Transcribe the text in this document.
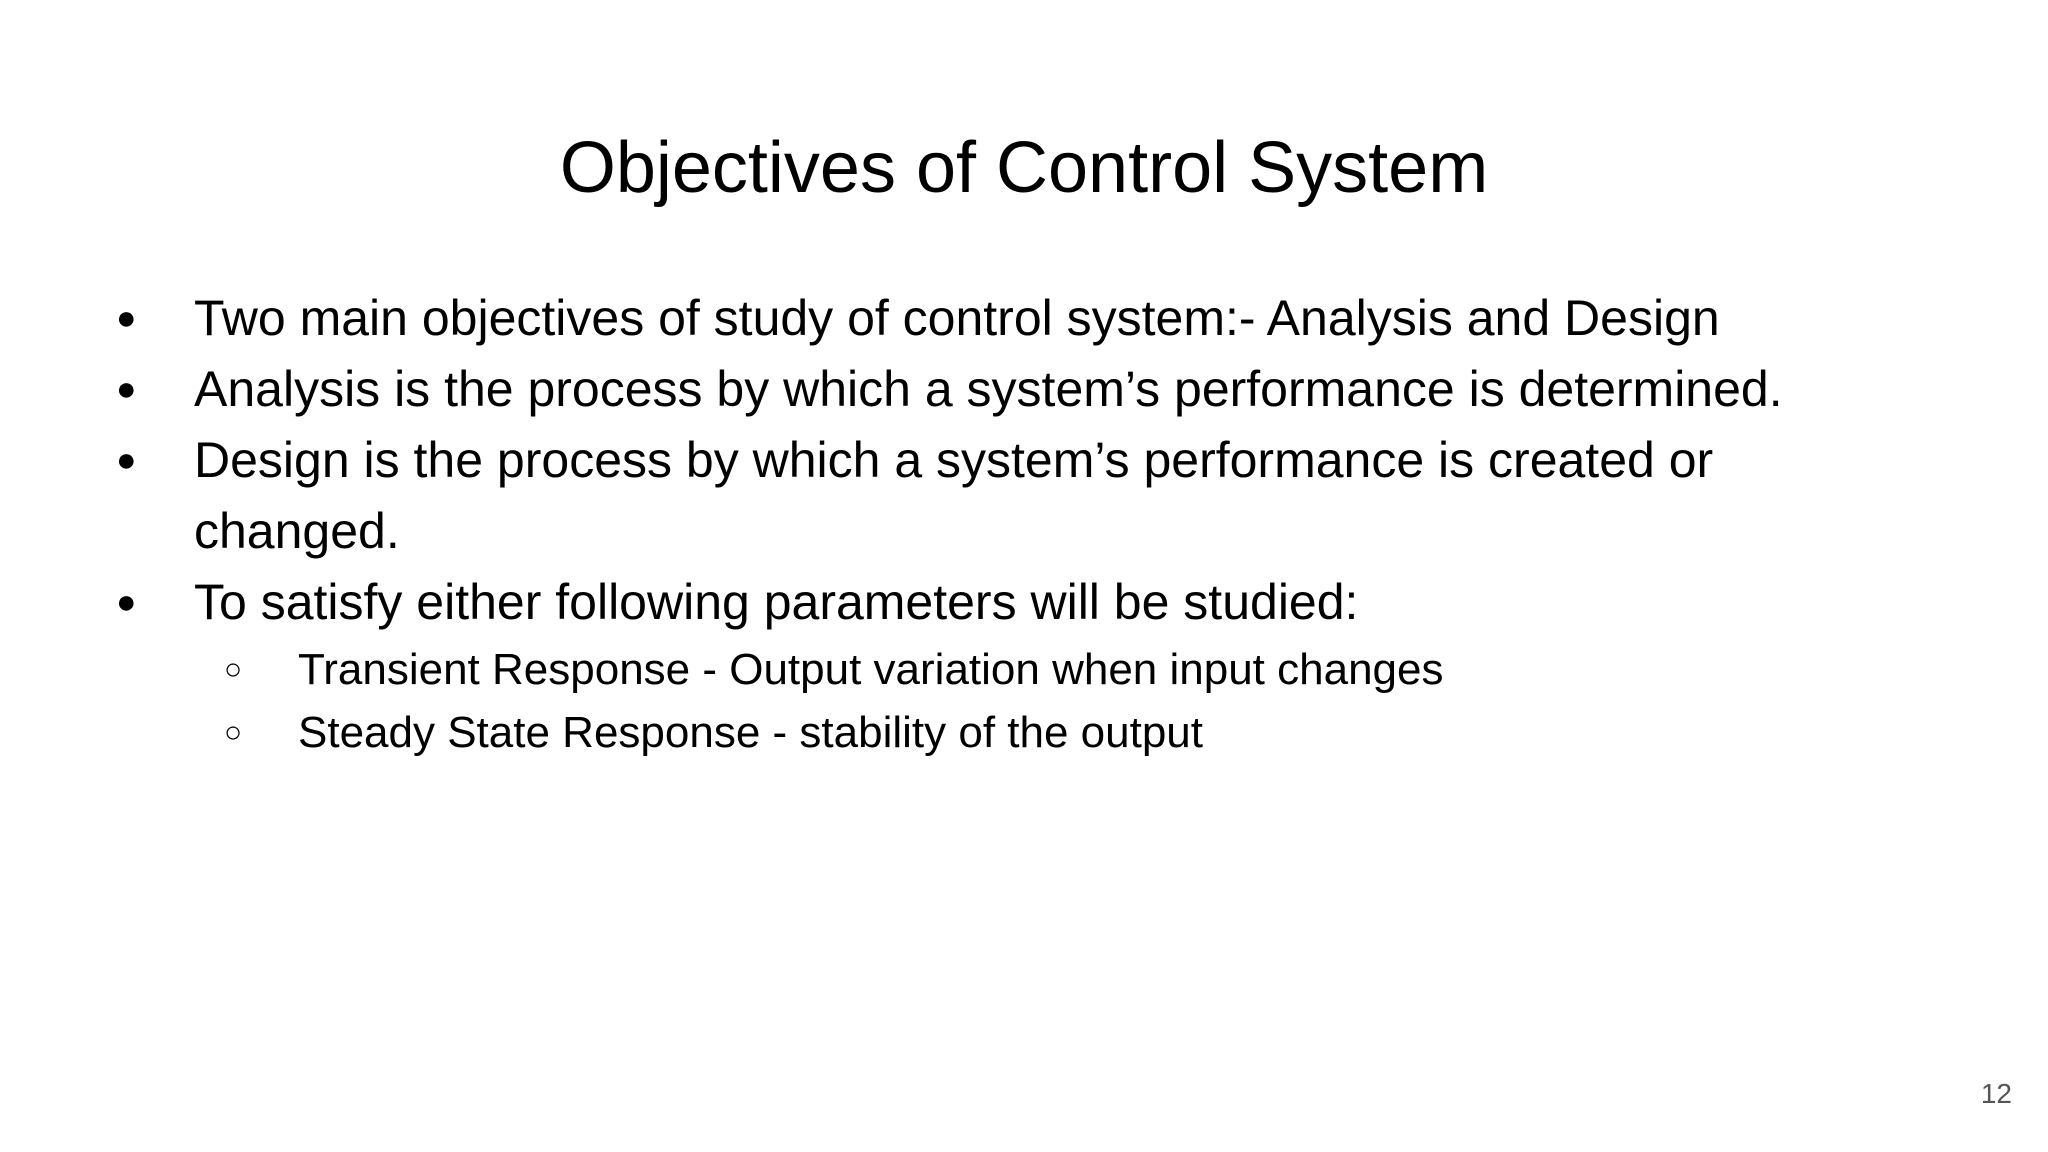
Objectives of Control System
●	Two main objectives of study of control system:- Analysis and Design
●	Analysis is the process by which a system’s performance is determined.
●	Design is the process by which a system’s performance is created or changed.
●	To satisfy either following parameters will be studied:
○	Transient Response - Output variation when input changes
○	Steady State Response - stability of the output
12
